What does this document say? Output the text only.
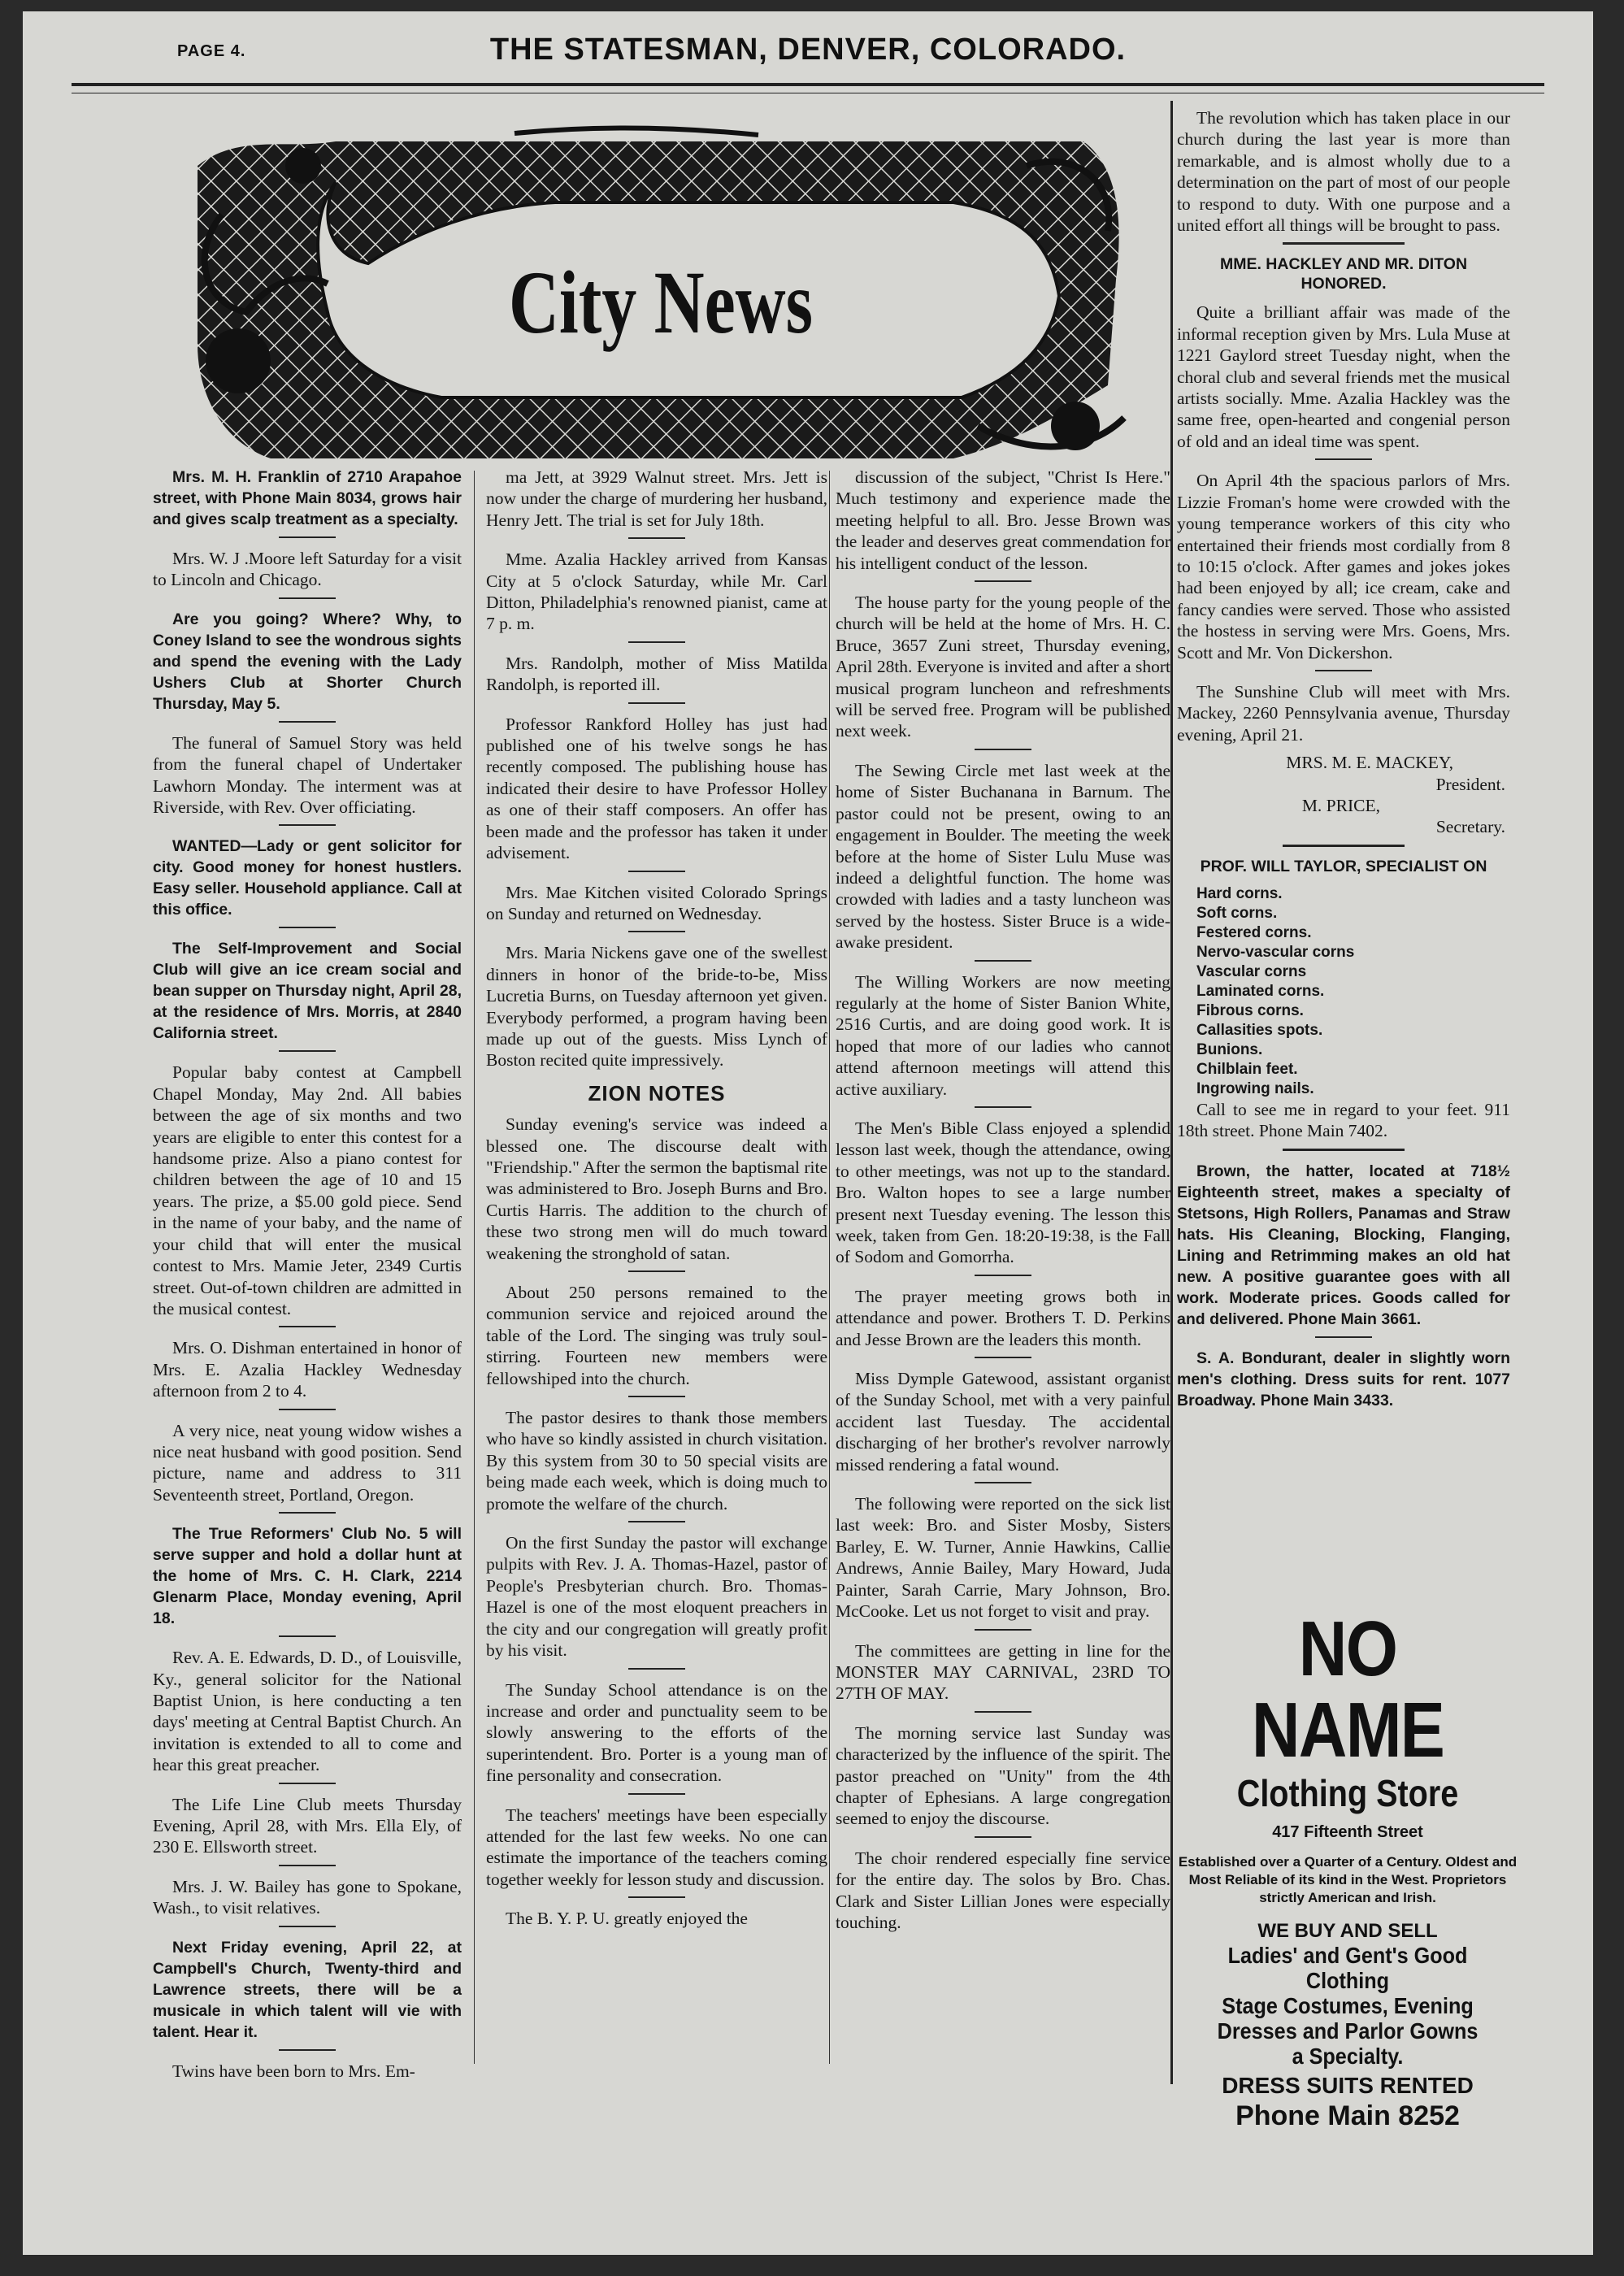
PAGE 4.	THE STATESMAN, DENVER, COLORADO.
City News

Mrs. M. H. Franklin of 2710 Arapahoe street, with Phone Main 8034, grows hair and gives scalp treatment as a specialty.

Mrs. W. J .Moore left Saturday for a visit to Lincoln and Chicago.

Are you going? Where? Why, to Coney Island to see the wondrous sights and spend the evening with the Lady Ushers Club at Shorter Church Thursday, May 5.

The funeral of Samuel Story was held from the funeral chapel of Undertaker Lawhorn Monday. The interment was at Riverside, with Rev. Over officiating.

WANTED—Lady or gent solicitor for city. Good money for honest hustlers. Easy seller. Household appliance. Call at this office.

The Self-Improvement and Social Club will give an ice cream social and bean supper on Thursday night, April 28, at the residence of Mrs. Morris, at 2840 California street.

Popular baby contest at Campbell Chapel Monday, May 2nd. All babies between the age of six months and two years are eligible to enter this contest for a handsome prize. Also a piano contest for children between the age of 10 and 15 years. The prize, a $5.00 gold piece. Send in the name of your baby, and the name of your child that will enter the musical contest to Mrs. Mamie Jeter, 2349 Curtis street. Out-of-town children are admitted in the musical contest.

Mrs. O. Dishman entertained in honor of Mrs. E. Azalia Hackley Wednesday afternoon from 2 to 4.

A very nice, neat young widow wishes a nice neat husband with good position. Send picture, name and address to 311 Seventeenth street, Portland, Oregon.

The True Reformers' Club No. 5 will serve supper and hold a dollar hunt at the home of Mrs. C. H. Clark, 2214 Glenarm Place, Monday evening, April 18.

Rev. A. E. Edwards, D. D., of Louisville, Ky., general solicitor for the National Baptist Union, is here conducting a ten days' meeting at Central Baptist Church. An invitation is extended to all to come and hear this great preacher.

The Life Line Club meets Thursday Evening, April 28, with Mrs. Ella Ely, of 230 E. Ellsworth street.

Mrs. J. W. Bailey has gone to Spokane, Wash., to visit relatives.

Next Friday evening, April 22, at Campbell's Church, Twenty-third and Lawrence streets, there will be a musicale in which talent will vie with talent. Hear it.

Twins have been born to Mrs. Em-

ma Jett, at 3929 Walnut street. Mrs. Jett is now under the charge of murdering her husband, Henry Jett. The trial is set for July 18th.

Mme. Azalia Hackley arrived from Kansas City at 5 o'clock Saturday, while Mr. Carl Ditton, Philadelphia's renowned pianist, came at 7 p. m.

Mrs. Randolph, mother of Miss Matilda Randolph, is reported ill.

Professor Rankford Holley has just had published one of his twelve songs he has recently composed. The publishing house has indicated their desire to have Professor Holley as one of their staff composers. An offer has been made and the professor has taken it under advisement.

Mrs. Mae Kitchen visited Colorado Springs on Sunday and returned on Wednesday.

Mrs. Maria Nickens gave one of the swellest dinners in honor of the bride-to-be, Miss Lucretia Burns, on Tuesday afternoon yet given. Everybody performed, a program having been made up out of the guests. Miss Lynch of Boston recited quite impressively.

ZION NOTES

Sunday evening's service was indeed a blessed one. The discourse dealt with "Friendship." After the sermon the baptismal rite was administered to Bro. Joseph Burns and Bro. Curtis Harris. The addition to the church of these two strong men will do much toward weakening the stronghold of satan.

About 250 persons remained to the communion service and rejoiced around the table of the Lord. The singing was truly soul-stirring. Fourteen new members were fellowshiped into the church.

The pastor desires to thank those members who have so kindly assisted in church visitation. By this system from 30 to 50 special visits are being made each week, which is doing much to promote the welfare of the church.

On the first Sunday the pastor will exchange pulpits with Rev. J. A. Thomas-Hazel, pastor of People's Presbyterian church. Bro. Thomas-Hazel is one of the most eloquent preachers in the city and our congregation will greatly profit by his visit.

The Sunday School attendance is on the increase and order and punctuality seem to be slowly answering to the efforts of the superintendent. Bro. Porter is a young man of fine personality and consecration.

The teachers' meetings have been especially attended for the last few weeks. No one can estimate the importance of the teachers coming together weekly for lesson study and discussion.

The B. Y. P. U. greatly enjoyed the

discussion of the subject, "Christ Is Here." Much testimony and experience made the meeting helpful to all. Bro. Jesse Brown was the leader and deserves great commendation for his intelligent conduct of the lesson.

The house party for the young people of the church will be held at the home of Mrs. H. C. Bruce, 3657 Zuni street, Thursday evening, April 28th. Everyone is invited and after a short musical program luncheon and refreshments will be served free. Program will be published next week.

The Sewing Circle met last week at the home of Sister Buchanana in Barnum. The pastor could not be present, owing to an engagement in Boulder. The meeting the week before at the home of Sister Lulu Muse was indeed a delightful function. The home was crowded with ladies and a tasty luncheon was served by the hostess. Sister Bruce is a wide-awake president.

The Willing Workers are now meeting regularly at the home of Sister Banion White, 2516 Curtis, and are doing good work. It is hoped that more of our ladies who cannot attend afternoon meetings will attend this active auxiliary.

The Men's Bible Class enjoyed a splendid lesson last week, though the attendance, owing to other meetings, was not up to the standard. Bro. Walton hopes to see a large number present next Tuesday evening. The lesson this week, taken from Gen. 18:20-19:38, is the Fall of Sodom and Gomorrha.

The prayer meeting grows both in attendance and power. Brothers T. D. Perkins and Jesse Brown are the leaders this month.

Miss Dymple Gatewood, assistant organist of the Sunday School, met with a very painful accident last Tuesday. The accidental discharging of her brother's revolver narrowly missed rendering a fatal wound.

The following were reported on the sick list last week: Bro. and Sister Mosby, Sisters Barley, E. W. Turner, Annie Hawkins, Callie Andrews, Annie Bailey, Mary Howard, Juda Painter, Sarah Carrie, Mary Johnson, Bro. McCooke. Let us not forget to visit and pray.

The committees are getting in line for the MONSTER MAY CARNIVAL, 23RD TO 27TH OF MAY.

The morning service last Sunday was characterized by the influence of the spirit. The pastor preached on "Unity" from the 4th chapter of Ephesians. A large congregation seemed to enjoy the discourse.

The choir rendered especially fine service for the entire day. The solos by Bro. Chas. Clark and Sister Lillian Jones were especially touching.

The revolution which has taken place in our church during the last year is more than remarkable, and is almost wholly due to a determination on the part of most of our people to respond to duty. With one purpose and a united effort all things will be brought to pass.

MME. HACKLEY AND MR. DITON HONORED.

Quite a brilliant affair was made of the informal reception given by Mrs. Lula Muse at 1221 Gaylord street Tuesday night, when the choral club and several friends met the musical artists socially. Mme. Azalia Hackley was the same free, open-hearted and congenial person of old and an ideal time was spent.

On April 4th the spacious parlors of Mrs. Lizzie Froman's home were crowded with the young temperance workers of this city who entertained their friends most cordially from 8 to 10:15 o'clock. After games and jokes jokes had been enjoyed by all; ice cream, cake and fancy candies were served. Those who assisted the hostess in serving were Mrs. Goens, Mrs. Scott and Mr. Von Dickershon.

The Sunshine Club will meet with Mrs. Mackey, 2260 Pennsylvania avenue, Thursday evening, April 21.

MRS. M. E. MACKEY,
President.
M. PRICE,
Secretary.
PROF. WILL TAYLOR, SPECIALIST ON
Hard corns.
Soft corns.
Festered corns.
Nervo-vascular corns
Vascular corns
Laminated corns.
Fibrous corns.
Callasities spots.
Bunions.
Chilblain feet.
Ingrowing nails.

Call to see me in regard to your feet. 911 18th street. Phone Main 7402.

Brown, the hatter, located at 718½ Eighteenth street, makes a specialty of Stetsons, High Rollers, Panamas and Straw hats. His Cleaning, Blocking, Flanging, Lining and Retrimming makes an old hat new. A positive guarantee goes with all work. Moderate prices. Goods called for and delivered. Phone Main 3661.

S. A. Bondurant, dealer in slightly worn men's clothing. Dress suits for rent. 1077 Broadway. Phone Main 3433.

NO NAME
Clothing Store
417 Fifteenth Street
Established over a Quarter of a Century. Oldest and Most Reliable of its kind in the West. Proprietors strictly American and Irish.
WE BUY AND SELL
Ladies' and Gent's Good Clothing
Stage Costumes, Evening
Dresses and Parlor Gowns
a Specialty.
DRESS SUITS RENTED
Phone Main 8252
